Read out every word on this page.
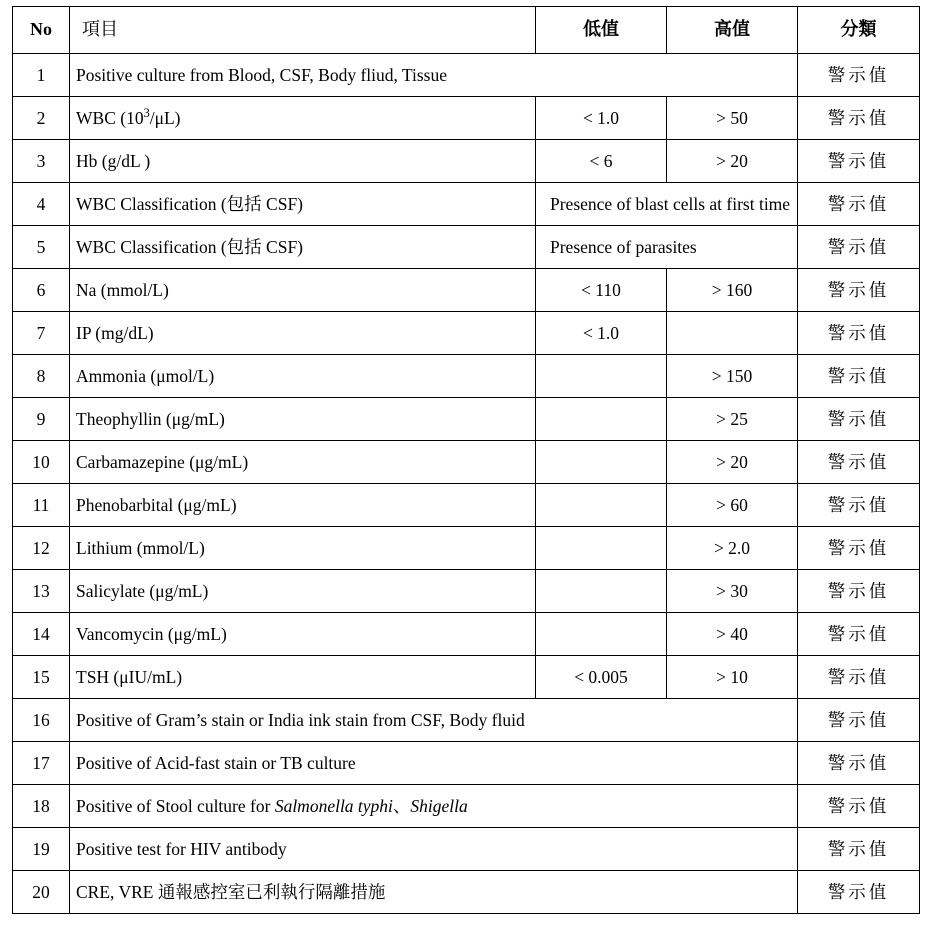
No	項目	低值	高值	分類
1	Positive culture from Blood, CSF, Body fliud, Tissue			警示值
2	WBC $(10^3/\mu L)$	< 1.0	> 50	警示值
3	Hb (g/dL )	< 6	> 20	警示值
4	WBC Classification (包括 CSF)	Presence of blast cells at first time		警示值
5	WBC Classification (包括 CSF)	Presence of parasites		警示值
6	Na (mmol/L)	< 110	> 160	警示值
7	IP (mg/dL)	< 1.0		警示值
8	Ammonia (μmol/L)		> 150	警示值
9	Theophyllin (μg/mL)		> 25	警示值
10	Carbamazepine (μg/mL)		> 20	警示值
11	Phenobarbital (μg/mL)		> 60	警示值
12	Lithium (mmol/L)		> 2.0	警示值
13	Salicylate (μg/mL)		> 30	警示值
14	Vancomycin (μg/mL)		> 40	警示值
15	TSH (μIU/mL)	< 0.005	> 10	警示值
16	Positive of Gram’s stain or India ink stain from CSF, Body fluid			警示值
17	Positive of Acid-fast stain or TB culture			警示值
18	Positive of Stool culture for Salmonella typhi、Shigella			警示值
19	Positive test for HIV antibody			警示值
20	CRE, VRE 通報感控室已利執行隔離措施			警示值
